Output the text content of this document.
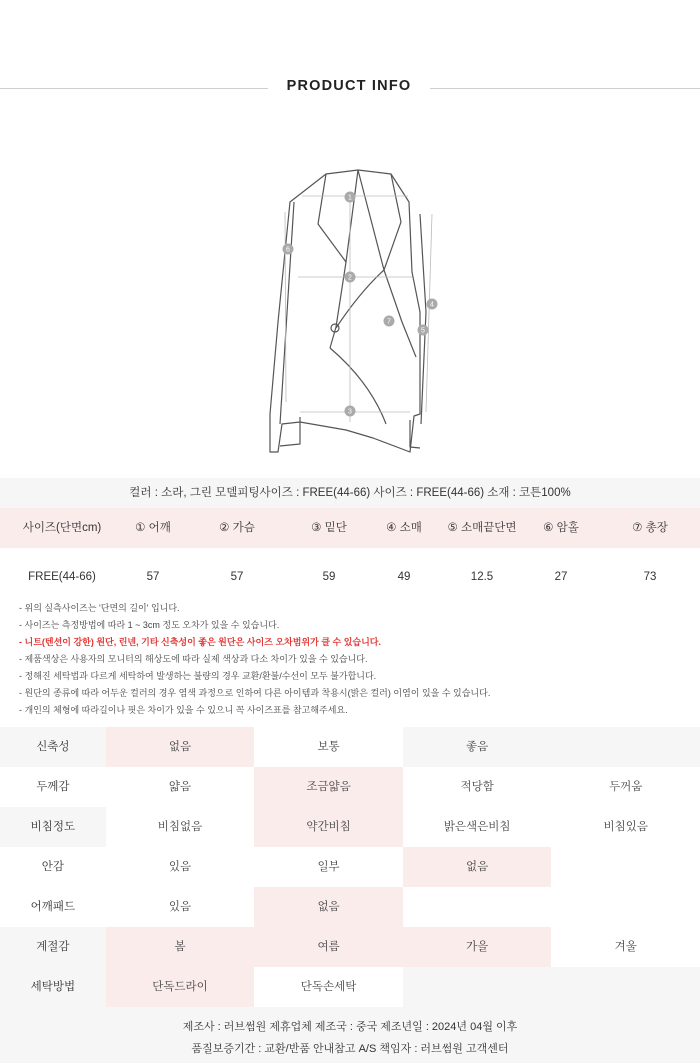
PRODUCT INFO
1
2
3
4
5
6
7
컬러 : 소라, 그린 모델피팅사이즈 : FREE(44-66) 사이즈 : FREE(44-66) 소재 : 코튼100%
사이즈(단면cm)	① 어깨	② 가슴	③ 밑단	④ 소매	⑤ 소매끝단면	⑥ 암홀	⑦ 총장
FREE(44-66)	57	57	59	49	12.5	27	73
- 위의 실측사이즈는 '단면의 길이' 입니다.
- 사이즈는 측정방법에 따라 1 ~ 3cm 정도 오차가 있을 수 있습니다.
- 니트(텐션이 강한) 원단, 린넨, 기타 신축성이 좋은 원단은 사이즈 오차범위가 클 수 있습니다.
- 제품색상은 사용자의 모니터의 해상도에 따라 실제 색상과 다소 차이가 있을 수 있습니다.
- 정해진 세탁법과 다르게 세탁하여 발생하는 불량의 경우 교환/환불/수선이 모두 불가합니다.
- 원단의 종류에 따라 어두운 컬러의 경우 염색 과정으로 인하여 다른 아이템과 착용시(밝은 컬러) 이염이 있을 수 있습니다.
- 개인의 체형에 따라길이나 핏은 차이가 있을 수 있으니 꼭 사이즈표를 참고해주세요.
신축성	없음	보통	좋음
두께감	얇음	조금얇음	적당함	두꺼움
비침정도	비침없음	약간비침	밝은색은비침	비침있음
안감	있음	일부	없음
어깨패드	있음	없음
계절감	봄	여름	가을	겨울
세탁방법	단독드라이	단독손세탁
제조사 : 러브썸원 제휴업체 제조국 : 중국 제조년일 : 2024년 04월 이후
품질보증기간 : 교환/반품 안내참고 A/S 책임자 : 러브썸원 고객센터
